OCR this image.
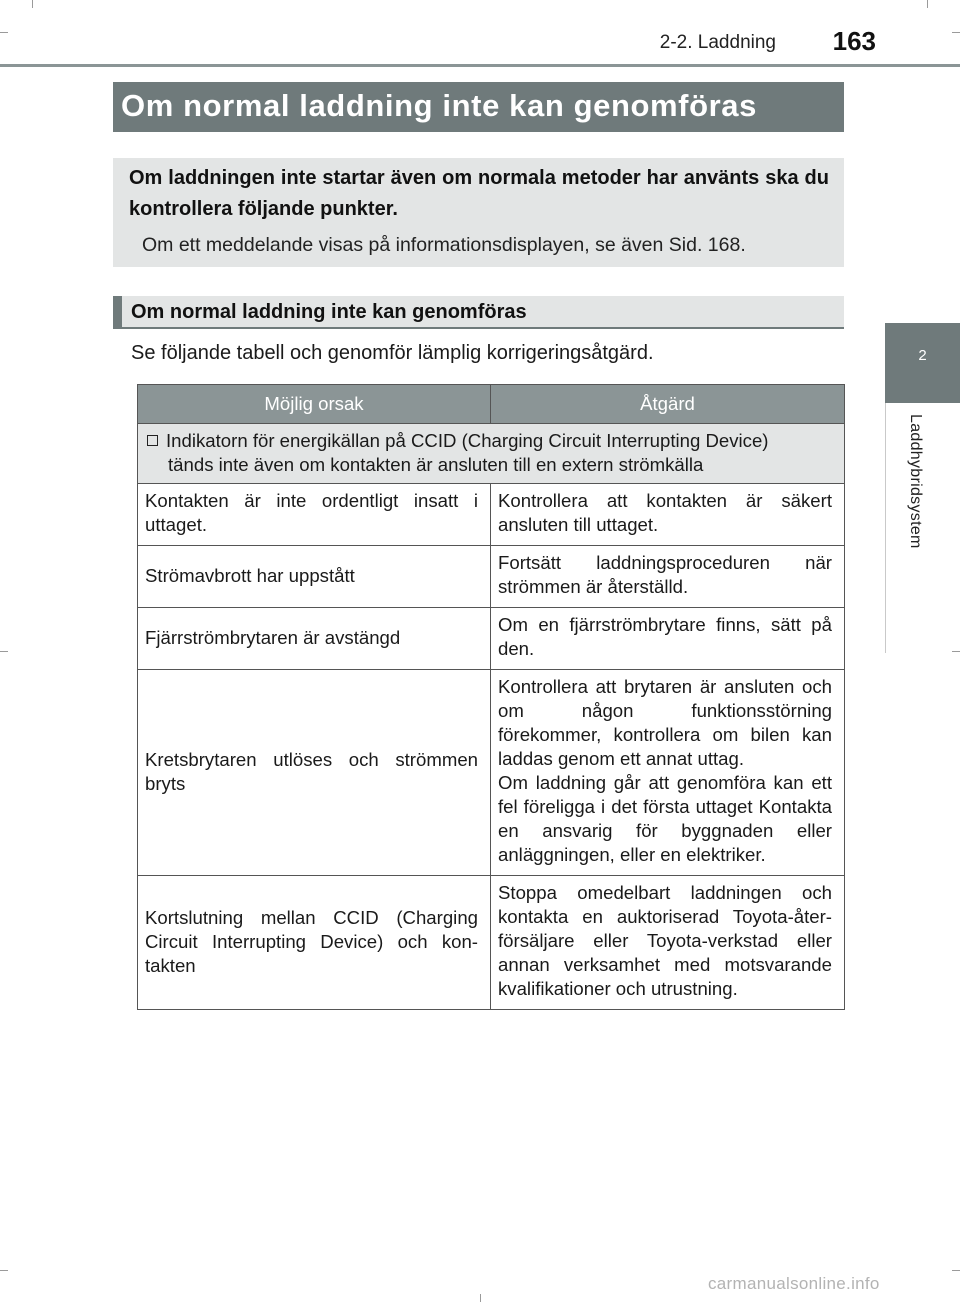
2-2. Laddning	163
Om normal laddning inte kan genomföras
Om laddningen inte startar även om normala metoder har använts ska du kontrollera följande punkter.
Om ett meddelande visas på informationsdisplayen, se även Sid. 168.
Om normal laddning inte kan genomföras
Se följande tabell och genomför lämplig korrigeringsåtgärd.
Möjlig orsak	Åtgärd

Indikatorn för energikällan på CCID (Charging Circuit Interrupting Device)
tänds inte även om kontakten är ansluten till en extern strömkälla	

Kontakten är inte ordentligt insatt i uttaget.	Kontrollera att kontakten är säkert ansluten till uttaget.
Strömavbrott har uppstått	Fortsätt laddningsproceduren när strömmen är återställd.
Fjärrströmbrytaren är avstängd	Om en fjärrströmbrytare finns, sätt på den.
Kretsbrytaren utlöses och strömmen bryts	Kontrollera att brytaren är ansluten och om någon funktionsstörning förekommer, kontrollera om bilen kan laddas genom ett annat uttag.
Om laddning går att genomföra kan ett fel föreligga i det första uttaget Kontakta en ansvarig för byggnaden eller anläggningen, eller en elektriker.

Kortslutning mellan CCID (Charging Circuit Interrupting Device) och kon-takten	Stoppa omedelbart laddningen och kontakta en auktoriserad Toyota-åter-försäljare eller Toyota-verkstad eller annan verksamhet med motsvarande kvalifikationer och utrustning.
2
Laddhybridsystem
carmanualsonline.info
